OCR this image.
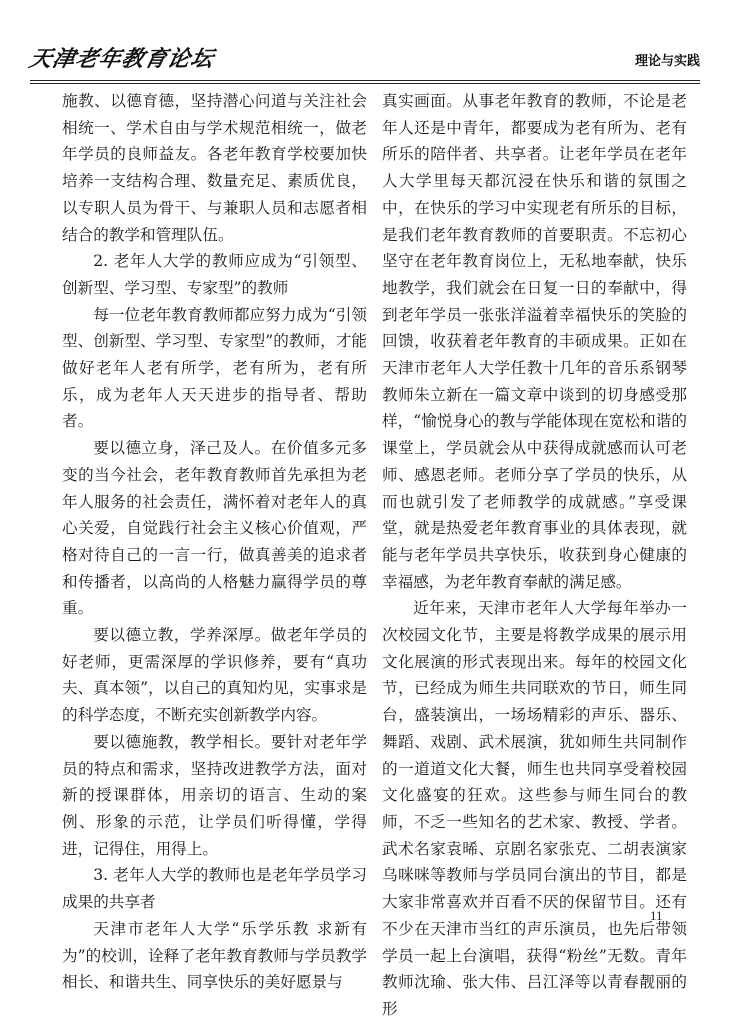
天津老年教育论坛	理论与实践

施教、以德育德，坚持潜心问道与关注社会相统一、学术自由与学术规范相统一，做老年学员的良师益友。各老年教育学校要加快培养一支结构合理、数量充足、素质优良，以专职人员为骨干、与兼职人员和志愿者相结合的教学和管理队伍。

2. 老年人大学的教师应成为“引领型、创新型、学习型、专家型”的教师

每一位老年教育教师都应努力成为“引领型、创新型、学习型、专家型”的教师，才能做好老年人老有所学，老有所为，老有所乐，成为老年人天天进步的指导者、帮助者。

要以德立身，泽己及人。在价值多元多变的当今社会，老年教育教师首先承担为老年人服务的社会责任，满怀着对老年人的真心关爱，自觉践行社会主义核心价值观，严格对待自己的一言一行，做真善美的追求者和传播者，以高尚的人格魅力赢得学员的尊重。

要以德立教，学养深厚。做老年学员的好老师，更需深厚的学识修养，要有“真功夫、真本领”，以自己的真知灼见，实事求是的科学态度，不断充实创新教学内容。

要以德施教，教学相长。要针对老年学员的特点和需求，坚持改进教学方法，面对新的授课群体，用亲切的语言、生动的案例、形象的示范，让学员们听得懂，学得进，记得住，用得上。

3. 老年人大学的教师也是老年学员学习成果的共享者

天津市老年人大学“乐学乐教 求新有为”的校训，诠释了老年教育教师与学员教学相长、和谐共生、同享快乐的美好愿景与

真实画面。从事老年教育的教师，不论是老年人还是中青年，都要成为老有所为、老有所乐的陪伴者、共享者。让老年学员在老年人大学里每天都沉浸在快乐和谐的氛围之中，在快乐的学习中实现老有所乐的目标，是我们老年教育教师的首要职责。不忘初心坚守在老年教育岗位上，无私地奉献，快乐地教学，我们就会在日复一日的奉献中，得到老年学员一张张洋溢着幸福快乐的笑脸的回馈，收获着老年教育的丰硕成果。正如在天津市老年人大学任教十几年的音乐系钢琴教师朱立新在一篇文章中谈到的切身感受那样，“愉悦身心的教与学能体现在宽松和谐的课堂上，学员就会从中获得成就感而认可老师、感恩老师。老师分享了学员的快乐，从而也就引发了老师教学的成就感。”享受课堂，就是热爱老年教育事业的具体表现，就能与老年学员共享快乐，收获到身心健康的幸福感，为老年教育奉献的满足感。

近年来，天津市老年人大学每年举办一次校园文化节，主要是将教学成果的展示用文化展演的形式表现出来。每年的校园文化节，已经成为师生共同联欢的节日，师生同台，盛装演出，一场场精彩的声乐、器乐、舞蹈、戏剧、武术展演，犹如师生共同制作的一道道文化大餐，师生也共同享受着校园文化盛宴的狂欢。这些参与师生同台的教师，不乏一些知名的艺术家、教授、学者。武术名家袁晞、京剧名家张克、二胡表演家乌咪咪等教师与学员同台演出的节目，都是大家非常喜欢并百看不厌的保留节目。还有不少在天津市当红的声乐演员，也先后带领学员一起上台演唱，获得“粉丝”无数。青年教师沈瑜、张大伟、吕江泽等以青春靓丽的形

11
